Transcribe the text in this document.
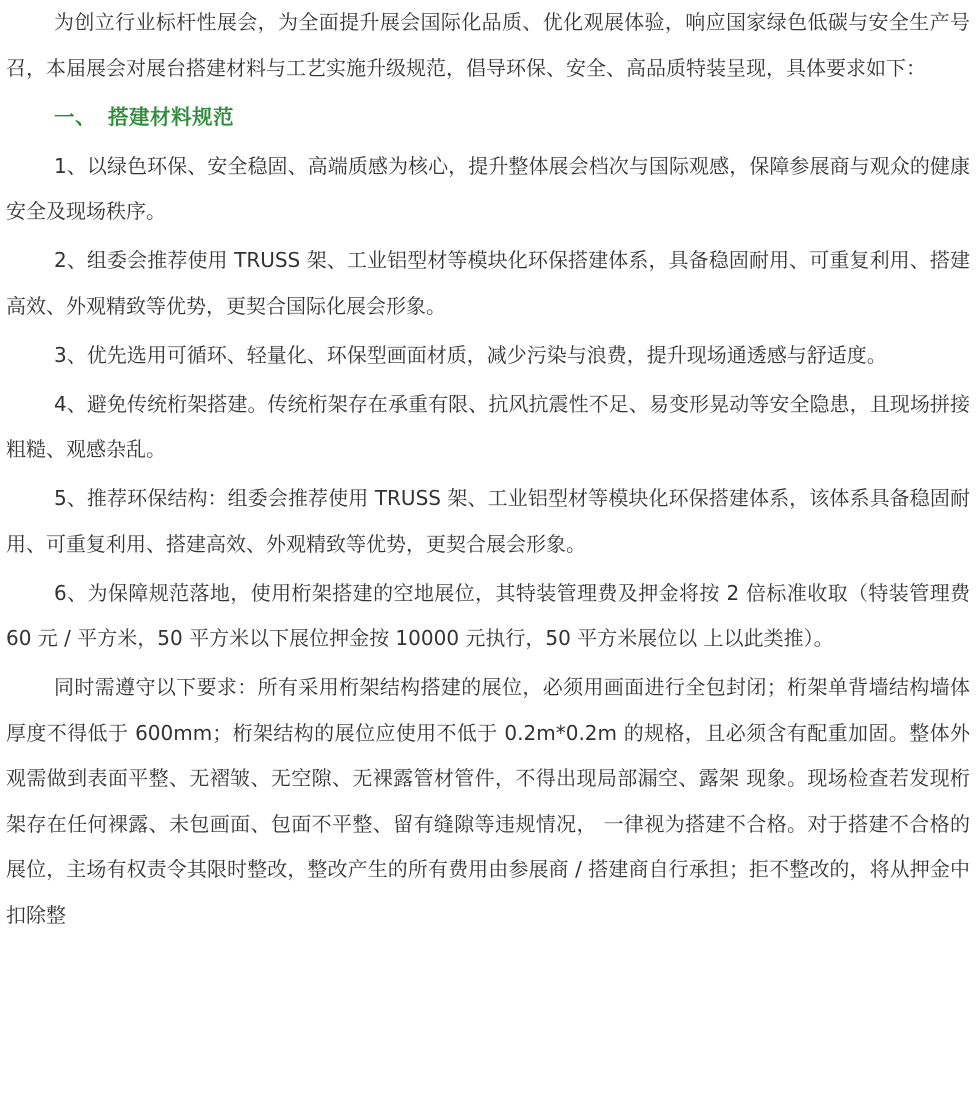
为创立行业标杆性展会，为全面提升展会国际化品质、优化观展体验，响应国家绿色低碳与安全生产号召，本届展会对展台搭建材料与工艺实施升级规范，倡导环保、安全、高品质特装呈现，具体要求如下：

一、 搭建材料规范

1、以绿色环保、安全稳固、高端质感为核心，提升整体展会档次与国际观感，保障参展商与观众的健康安全及现场秩序。

2、组委会推荐使用 TRUSS 架、工业铝型材等模块化环保搭建体系，具备稳固耐用、可重复利用、搭建高效、外观精致等优势，更契合国际化展会形象。

3、优先选用可循环、轻量化、环保型画面材质，减少污染与浪费，提升现场通透感与舒适度。

4、避免传统桁架搭建。传统桁架存在承重有限、抗风抗震性不足、易变形晃动等安全隐患，且现场拼接粗糙、观感杂乱。

5、推荐环保结构：组委会推荐使用 TRUSS 架、工业铝型材等模块化环保搭建体系，该体系具备稳固耐用、可重复利用、搭建高效、外观精致等优势，更契合展会形象。

6、为保障规范落地，使用桁架搭建的空地展位，其特装管理费及押金将按 2 倍标准收取（特装管理费 60 元 / 平方米，50 平方米以下展位押金按 10000 元执行，50 平方米展位以 上以此类推）。

同时需遵守以下要求：所有采用桁架结构搭建的展位，必须用画面进行全包封闭；桁架单背墙结构墙体厚度不得低于 600mm；桁架结构的展位应使用不低于 0.2m*0.2m 的规格，且必须含有配重加固。整体外观需做到表面平整、无褶皱、无空隙、无裸露管材管件，不得出现局部漏空、露架 现象。现场检查若发现桁架存在任何裸露、未包画面、包面不平整、留有缝隙等违规情况， 一律视为搭建不合格。对于搭建不合格的展位，主场有权责令其限时整改，整改产生的所有费用由参展商 / 搭建商自行承担；拒不整改的，将从押金中扣除整
